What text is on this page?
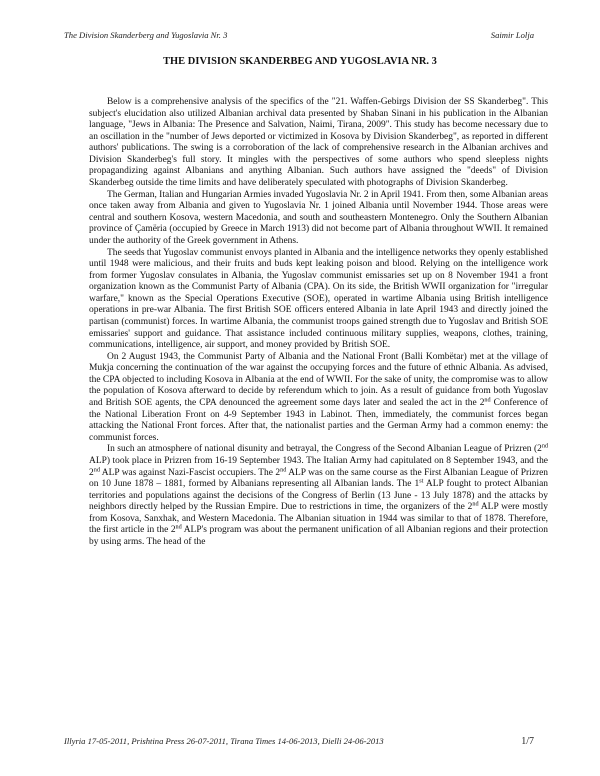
The Division Skanderberg and Yugoslavia Nr. 3	Saimir Lolja
THE DIVISION SKANDERBEG AND YUGOSLAVIA NR. 3

Below is a comprehensive analysis of the specifics of the "21. Waffen-Gebirgs Division der SS Skanderbeg". This subject's elucidation also utilized Albanian archival data presented by Shaban Sinani in his publication in the Albanian language, "Jews in Albania: The Presence and Salvation, Naimi, Tirana, 2009". This study has become necessary due to an oscillation in the "number of Jews deported or victimized in Kosova by Division Skanderbeg", as reported in different authors' publications. The swing is a corroboration of the lack of comprehensive research in the Albanian archives and Division Skanderbeg's full story. It mingles with the perspectives of some authors who spend sleepless nights propagandizing against Albanians and anything Albanian. Such authors have assigned the "deeds" of Division Skanderbeg outside the time limits and have deliberately speculated with photographs of Division Skanderbeg.

The German, Italian and Hungarian Armies invaded Yugoslavia Nr. 2 in April 1941. From then, some Albanian areas once taken away from Albania and given to Yugoslavia Nr. 1 joined Albania until November 1944. Those areas were central and southern Kosova, western Macedonia, and south and southeastern Montenegro. Only the Southern Albanian province of Çamëria (occupied by Greece in March 1913) did not become part of Albania throughout WWII. It remained under the authority of the Greek government in Athens.

The seeds that Yugoslav communist envoys planted in Albania and the intelligence networks they openly established until 1948 were malicious, and their fruits and buds kept leaking poison and blood. Relying on the intelligence work from former Yugoslav consulates in Albania, the Yugoslav communist emissaries set up on 8 November 1941 a front organization known as the Communist Party of Albania (CPA). On its side, the British WWII organization for "irregular warfare," known as the Special Operations Executive (SOE), operated in wartime Albania using British intelligence operations in pre-war Albania. The first British SOE officers entered Albania in late April 1943 and directly joined the partisan (communist) forces. In wartime Albania, the communist troops gained strength due to Yugoslav and British SOE emissaries' support and guidance. That assistance included continuous military supplies, weapons, clothes, training, communications, intelligence, air support, and money provided by British SOE.

On 2 August 1943, the Communist Party of Albania and the National Front (Balli Kombëtar) met at the village of Mukja concerning the continuation of the war against the occupying forces and the future of ethnic Albania. As advised, the CPA objected to including Kosova in Albania at the end of WWII. For the sake of unity, the compromise was to allow the population of Kosova afterward to decide by referendum which to join. As a result of guidance from both Yugoslav and British SOE agents, the CPA denounced the agreement some days later and sealed the act in the 2nd Conference of the National Liberation Front on 4-9 September 1943 in Labinot. Then, immediately, the communist forces began attacking the National Front forces. After that, the nationalist parties and the German Army had a common enemy: the communist forces.

In such an atmosphere of national disunity and betrayal, the Congress of the Second Albanian League of Prizren (2nd ALP) took place in Prizren from 16-19 September 1943. The Italian Army had capitulated on 8 September 1943, and the 2nd ALP was against Nazi-Fascist occupiers. The 2nd ALP was on the same course as the First Albanian League of Prizren on 10 June 1878 – 1881, formed by Albanians representing all Albanian lands. The 1st ALP fought to protect Albanian territories and populations against the decisions of the Congress of Berlin (13 June - 13 July 1878) and the attacks by neighbors directly helped by the Russian Empire. Due to restrictions in time, the organizers of the 2nd ALP were mostly from Kosova, Sanxhak, and Western Macedonia. The Albanian situation in 1944 was similar to that of 1878. Therefore, the first article in the 2nd ALP's program was about the permanent unification of all Albanian regions and their protection by using arms. The head of the

Illyria 17-05-2011, Prishtina Press 26-07-2011, Tirana Times 14-06-2013, Dielli 24-06-2013	1/7
